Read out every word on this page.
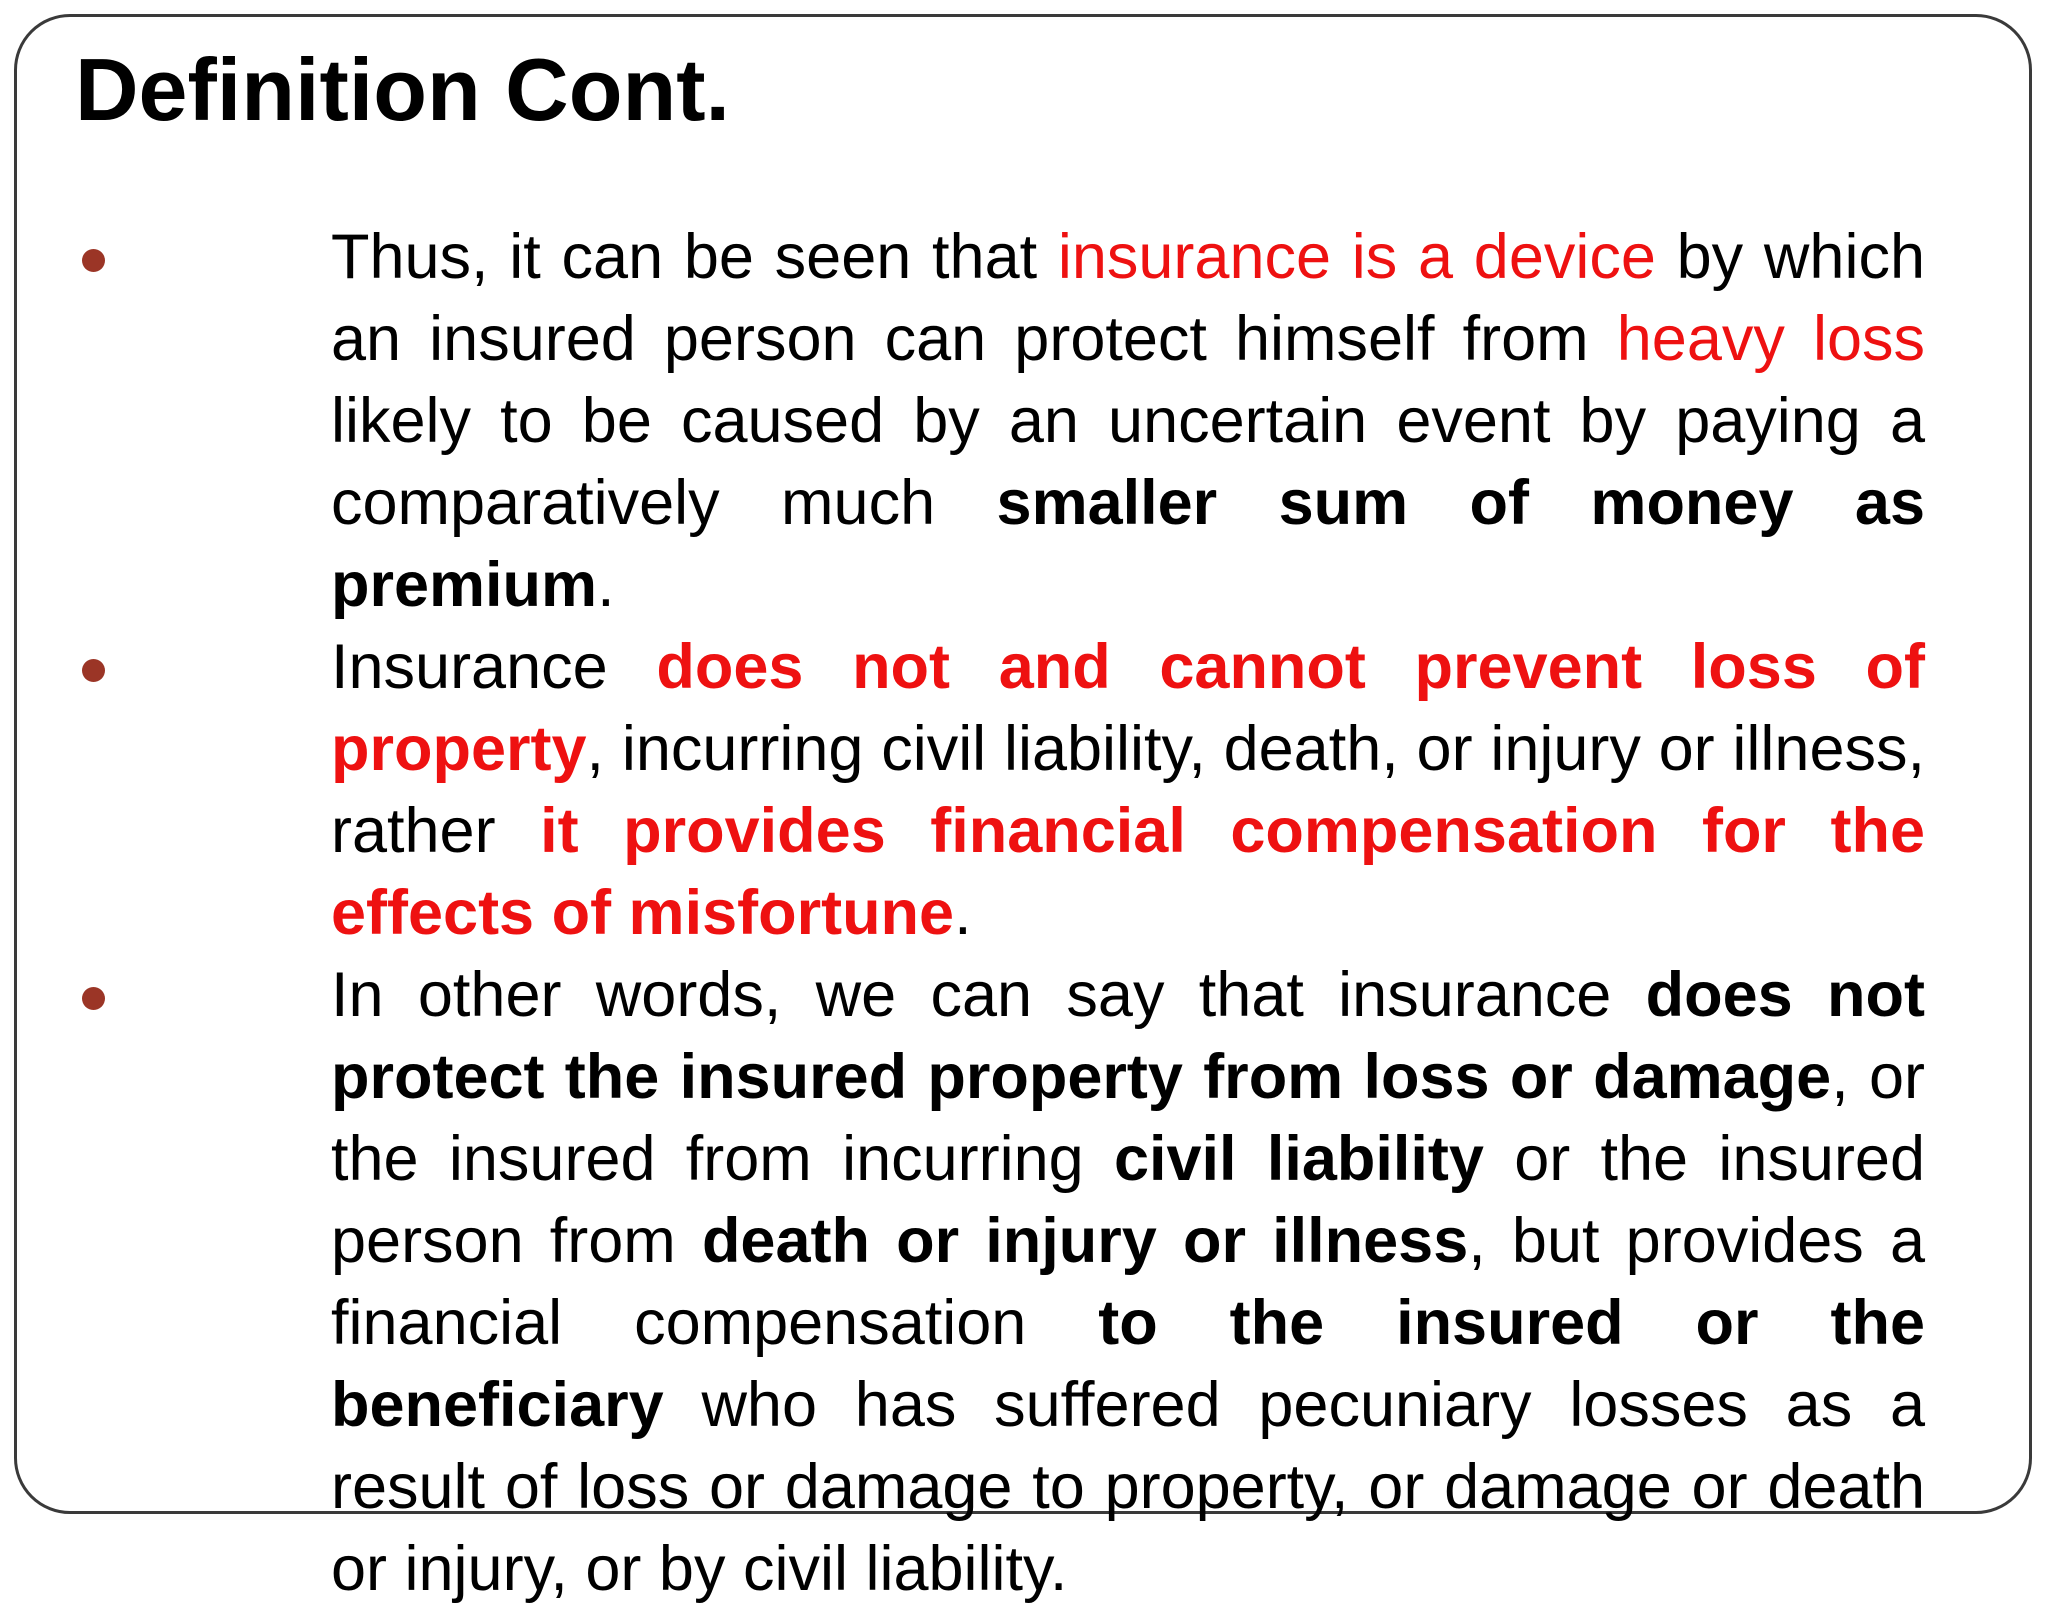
Definition Cont.

Thus, it can be seen that insurance is a device by which an insured person can protect himself from heavy loss likely to be caused by an uncertain event by paying a comparatively much smaller sum of money as premium.

Insurance does not and cannot prevent loss of property, incurring civil liability, death, or injury or illness, rather it provides financial compensation for the effects of misfortune.

In other words, we can say that insurance does not protect the insured property from loss or damage, or the insured from incurring civil liability or the insured person from death or injury or illness, but provides a financial compensation to the insured or the beneficiary who has suffered pecuniary losses as a result of loss or damage to property, or damage or death or injury, or by civil liability.
